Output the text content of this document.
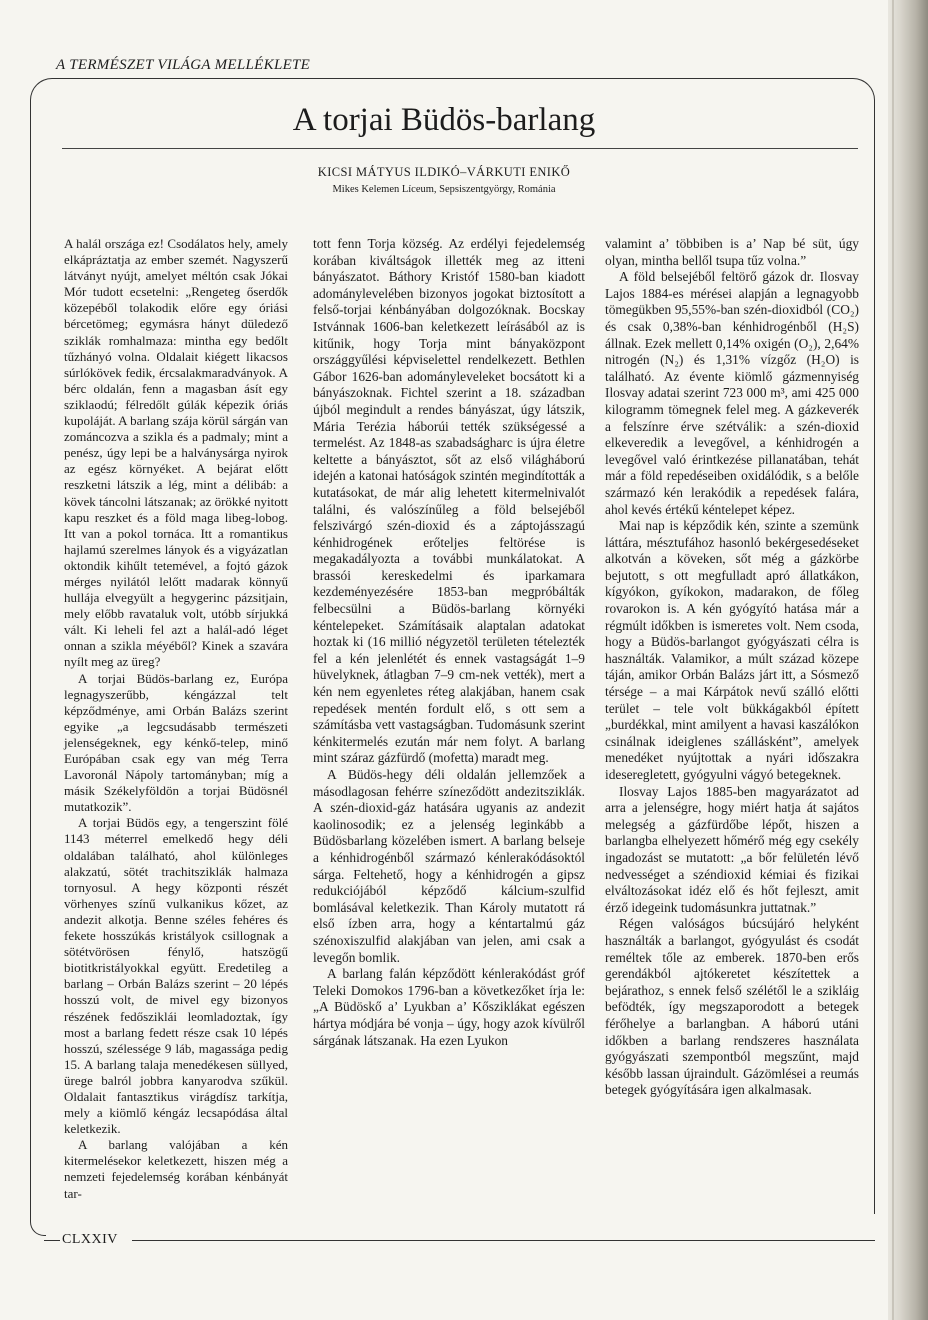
A TERMÉSZET VILÁGA MELLÉKLETE
A torjai Büdös-barlang
KICSI MÁTYUS ILDIKÓ–VÁRKUTI ENIKŐ
Mikes Kelemen Líceum, Sepsiszentgyörgy, Románia

A halál országa ez! Csodálatos hely, amely elkápráztatja az ember szemét. Nagyszerű látványt nyújt, amelyet méltón csak Jókai Mór tudott ecsetelni: „Rengeteg őserdők közepéből tolakodik előre egy óriási bércetömeg; egymásra hányt düledező sziklák romhalmaza: mintha egy bedőlt tűzhányó volna. Oldalait kiégett likacsos súrlókövek fedik, ércsalakmaradványok. A bérc oldalán, fenn a magasban ásít egy sziklaodú; félredőlt gúlák képezik óriás kupoláját. A barlang szája körül sárgán van zománcozva a szikla és a padmaly; mint a penész, úgy lepi be a halványsárga nyirok az egész környéket. A bejárat előtt reszketni látszik a lég, mint a délibáb: a kövek táncolni látszanak; az örökké nyitott kapu reszket és a föld maga libeg-lobog. Itt van a pokol tornáca. Itt a romantikus hajlamú szerelmes lányok és a vigyázatlan oktondik kihűlt tetemével, a fojtó gázok mérges nyilától lelőtt madarak könnyű hullája elvegyült a hegygerinc pázsitjain, mely előbb ravataluk volt, utóbb sírjukká vált. Ki leheli fel azt a halál-adó léget onnan a szikla méyéből? Kinek a szavára nyílt meg az üreg?

A torjai Büdös-barlang ez, Európa legnagyszerűbb, kéngázzal telt képződménye, ami Orbán Balázs szerint egyike „a legcsudásabb természeti jelenségeknek, egy kénkő-telep, minő Európában csak egy van még Terra Lavoronál Nápoly tartományban; míg a másik Székelyföldön a torjai Büdösnél mutatkozik”.

A torjai Büdös egy, a tengerszint fölé 1143 méterrel emelkedő hegy déli oldalában található, ahol különleges alakzatú, sötét trachitsziklák halmaza tornyosul. A hegy központi részét vörhenyes színű vulkanikus kőzet, az andezit alkotja. Benne széles fehéres és fekete hosszúkás kristályok csillognak a sötétvörösen fénylő, hatszögű biotitkristályokkal együtt. Eredetileg a barlang – Orbán Balázs szerint – 20 lépés hosszú volt, de mivel egy bizonyos részének fedősziklái leomladoztak, így most a barlang fedett része csak 10 lépés hosszú, szélessége 9 láb, magassága pedig 15. A barlang talaja menedékesen süllyed, ürege balról jobbra kanyarodva szűkül. Oldalait fantasztikus virágdísz tarkítja, mely a kiömlő kéngáz lecsapódása által keletkezik.

A barlang valójában a kén kitermelésekor keletkezett, hiszen még a nemzeti fejedelemség korában kénbányát tar-

tott fenn Torja község. Az erdélyi fejedelemség korában kiváltságok illették meg az itteni bányászatot. Báthory Kristóf 1580-ban kiadott adománylevelében bizonyos jogokat biztosított a felső-torjai kénbányában dolgozóknak. Bocskay Istvánnak 1606-ban keletkezett leírásából az is kitűnik, hogy Torja mint bányaközpont országgyűlési képviselettel rendelkezett. Bethlen Gábor 1626-ban adományleveleket bocsátott ki a bányászoknak. Fichtel szerint a 18. században újból megindult a rendes bányászat, úgy látszik, Mária Terézia háborúi tették szükségessé a termelést. Az 1848-as szabadságharc is újra életre keltette a bányásztot, sőt az első világháború idején a katonai hatóságok szintén megindították a kutatásokat, de már alig lehetett kitermelnivalót találni, és valószínűleg a föld belsejéből felszivárgó szén-dioxid és a záptojásszagú kénhidrogének erőteljes feltörése is megakadályozta a további munkálatokat. A brassói kereskedelmi és iparkamara kezdeményezésére 1853-ban megpróbálták felbecsülni a Büdös-barlang környéki kéntelepeket. Számításaik alaptalan adatokat hoztak ki (16 millió négyzetöl területen tételezték fel a kén jelenlétét és ennek vastagságát 1–9 hüvelyknek, átlagban 7–9 cm-nek vették), mert a kén nem egyenletes réteg alakjában, hanem csak repedések mentén fordult elő, s ott sem a számításba vett vastagságban. Tudomásunk szerint kénkitermelés ezután már nem folyt. A barlang mint száraz gázfürdő (mofetta) maradt meg.

A Büdös-hegy déli oldalán jellemzőek a másodlagosan fehérre színeződött andezitsziklák. A szén-dioxid-gáz hatására ugyanis az andezit kaolinosodik; ez a jelenség leginkább a Büdösbarlang közelében ismert. A barlang belseje a kénhidrogénből származó kénlerakódásoktól sárga. Feltehető, hogy a kénhidrogén a gipsz redukciójából képződő kálcium-szulfid bomlásával keletkezik. Than Károly mutatott rá első ízben arra, hogy a kéntartalmú gáz szénoxiszulfid alakjában van jelen, ami csak a levegőn bomlik.

A barlang falán képződött kénlerakódást gróf Teleki Domokos 1796-ban a következőket írja le: „A Büdöskő a’ Lyukban a’ Kősziklákat egészen hártya módjára bé vonja – úgy, hogy azok kívülről sárgának látszanak. Ha ezen Lyukon

valamint a’ többiben is a’ Nap bé süt, úgy olyan, mintha bellől tsupa tűz volna.”

A föld belsejéből feltörő gázok dr. Ilosvay Lajos 1884-es mérései alapján a legnagyobb tömegükben 95,55%-ban szén-dioxidból (CO₂) és csak 0,38%-ban kénhidrogénből (H₂S) állnak. Ezek mellett 0,14% oxigén (O₂), 2,64% nitrogén (N₂) és 1,31% vízgőz (H₂O) is található. Az évente kiömlő gázmennyiség Ilosvay adatai szerint 723 000 m³, ami 425 000 kilogramm tömegnek felel meg. A gázkeverék a felszínre érve szétválik: a szén-dioxid elkeveredik a levegővel, a kénhidrogén a levegővel való érintkezése pillanatában, tehát már a föld repedéseiben oxidálódik, s a belőle származó kén lerakódik a repedések falára, ahol kevés értékű kéntelepet képez.

Mai nap is képződik kén, szinte a szemünk láttára, mésztufához hasonló bekérgesedéseket alkotván a köveken, sőt még a gázkörbe bejutott, s ott megfulladt apró állatkákon, kígyókon, gyíkokon, madarakon, de főleg rovarokon is. A kén gyógyító hatása már a régmúlt időkben is ismeretes volt. Nem csoda, hogy a Büdös-barlangot gyógyászati célra is használták. Valamikor, a múlt század közepe táján, amikor Orbán Balázs járt itt, a Sósmező térsége – a mai Kárpátok nevű szálló előtti terület – tele volt bükkágakból épített „burdékkal, mint amilyent a havasi kaszálókon csinálnak ideiglenes szállásként”, amelyek menedéket nyújtottak a nyári időszakra ideseregletett, gyógyulni vágyó betegeknek.

Ilosvay Lajos 1885-ben magyarázatot ad arra a jelenségre, hogy miért hatja át sajátos melegség a gázfürdőbe lépőt, hiszen a barlangba elhelyezett hőmérő még egy csekély ingadozást se mutatott: „a bőr felületén lévő nedvességet a széndioxid kémiai és fizikai elváltozásokat idéz elő és hőt fejleszt, amit érző idegeink tudomásunkra juttatnak.”

Régen valóságos búcsújáró helyként használták a barlangot, gyógyulást és csodát reméltek tőle az emberek. 1870-ben erős gerendákból ajtókeretet készítettek a bejárathoz, s ennek felső szélétől le a szikláig befödték, így megszaporodott a betegek férőhelye a barlangban. A háború utáni időkben a barlang rendszeres használata gyógyászati szempontból megszűnt, majd később lassan újraindult. Gázömlései a reumás betegek gyógyítására igen alkalmasak.

CLXXIV
